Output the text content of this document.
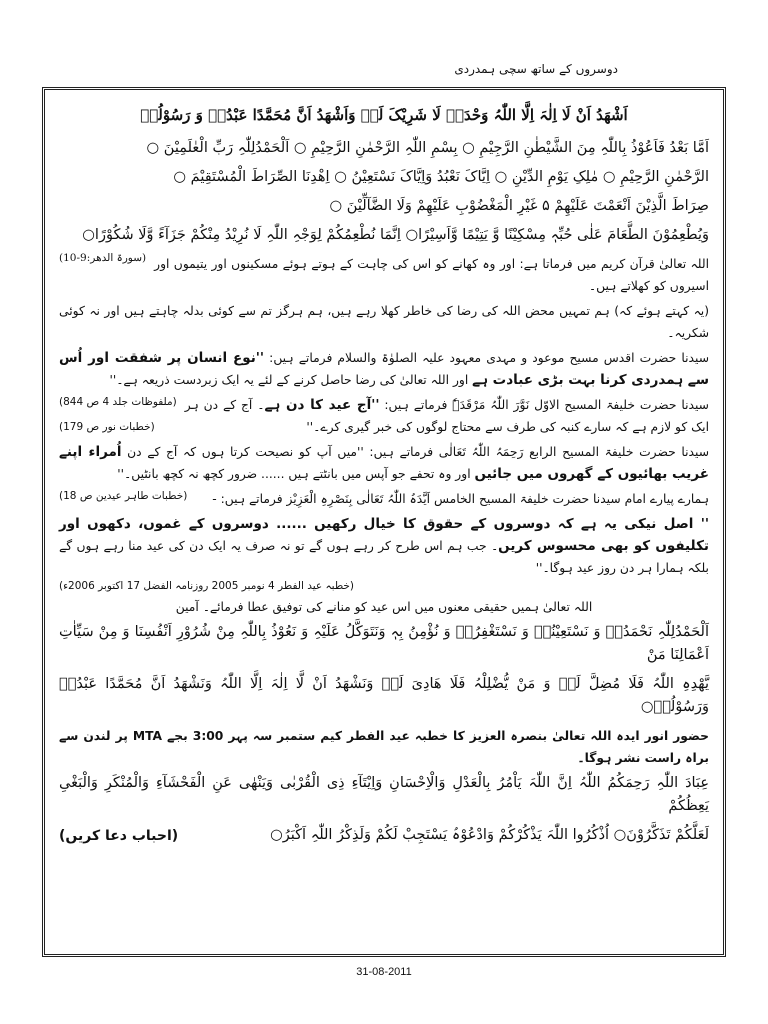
دوسروں کے ساتھ سچی ہمدردی

اَشْھَدُ اَنْ لَا اِلٰہَ اِلَّا اللّٰہُ وَحْدَہٗ لَا شَرِیْکَ لَہٗ وَاَشْھَدُ اَنَّ مُحَمَّدًا عَبْدُہٗ وَ رَسُوْلُہٗ

اَمَّا بَعْدُ فَاَعُوْذُ بِاللّٰہِ مِنَ الشَّیْطٰنِ الرَّجِیْمِ ○ بِسْمِ اللّٰہِ الرَّحْمٰنِ الرَّحِیْمِ ○ اَلْحَمْدُلِلّٰہِ رَبِّ الْعٰلَمِیْنَ ○

الرَّحْمٰنِ الرَّحِیْمِ ○ مٰلِکِ یَوْمِ الدِّیْنِ ○ اِیَّاکَ نَعْبُدُ وَاِیَّاکَ نَسْتَعِیْنُ ○ اِھْدِنَا الصِّرَاطَ الْمُسْتَقِیْمَ ○

صِرَاطَ الَّذِیْنَ اَنْعَمْتَ عَلَیْھِمْ ۵ غَیْرِ الْمَغْضُوْبِ عَلَیْھِمْ وَلَا الضَّآلِّیْنَ ○

وَیُطْعِمُوْنَ الطَّعَامَ عَلٰی حُبِّہٖ مِسْکِیْنًا وَّ یَتِیْمًا وَّاَسِیْرًا○ اِنَّمَا نُطْعِمُکُمْ لِوَجْہِ اللّٰہِ لَا نُرِیْدُ مِنْکُمْ جَزَآءً وَّلَا شُکُوْرًا○
(سورۃ الدھر:9-10) اللہ تعالیٰ قرآن کریم میں فرماتا ہے: اور وہ کھانے کو اس کی چاہت کے ہوتے ہوئے مسکینوں اور یتیموں اور اسیروں کو کھلاتے ہیں۔

(یہ کہتے ہوئے کہ) ہم تمہیں محض اللہ کی رضا کی خاطر کھلا رہے ہیں، ہم ہرگز تم سے کوئی بدلہ چاہتے ہیں اور نہ کوئی شکریہ۔

سیدنا حضرت اقدس مسیح موعود و مہدی معہود علیہ الصلوٰۃ والسلام فرماتے ہیں: ''نوع انسان پر شفقت اور اُس سے ہمدردی کرنا بہت بڑی عبادت ہے اور اللہ تعالیٰ کی رضا حاصل کرنے کے لئے یہ ایک زبردست ذریعہ ہے۔''
(ملفوظات جلد 4 ص 844)	سیدنا حضرت خلیفۃ المسیح الاوّل نَوَّرَ اللّٰہُ مَرْقَدَہٗ فرماتے ہیں: ''آج عید کا دن ہے۔ آج کے دن ہر ایک کو لازم ہے کہ سارے کنبہ کی طرف سے محتاج لوگوں کی خبر گیری کرے۔''
(خطبات نور ص 179)

سیدنا حضرت خلیفۃ المسیح الرابع رَحِمَہُ اللّٰہُ تَعَالٰی فرماتے ہیں: ''میں آپ کو نصیحت کرتا ہوں کہ آج کے دن اُمراء اپنے غریب بھائیوں کے گھروں میں جائیں اور وہ تحفے جو آپس میں بانٹتے ہیں ...... ضرور کچھ نہ کچھ بانٹیں۔''
(خطبات طاہر عیدین ص 18)	ہمارے پیارے امام سیدنا حضرت خلیفۃ المسیح الخامس اَیَّدَہُ اللّٰہُ تَعَالٰی بِنَصْرِہِ الْعَزِیْز فرماتے ہیں: -

'' اصل نیکی یہ ہے کہ دوسروں کے حقوق کا خیال رکھیں ...... دوسروں کے غموں، دکھوں اور تکلیفوں کو بھی محسوس کریں۔ جب ہم اس طرح کر رہے ہوں گے تو نہ صرف یہ ایک دن کی عید منا رہے ہوں گے بلکہ ہمارا ہر دن روز عید ہوگا۔''

(خطبہ عید الفطر 4 نومبر 2005 روزنامہ الفضل 17 اکتوبر 2006ء)

اللہ تعالیٰ ہمیں حقیقی معنوں میں اس عید کو منانے کی توفیق عطا فرمائے۔ آمین

اَلْحَمْدُلِلّٰہِ نَحْمَدُہٗ وَ نَسْتَعِیْنُہٗ وَ نَسْتَغْفِرُہٗ وَ نُؤْمِنُ بِہٖ وَنَتَوَکَّلُ عَلَیْہِ وَ نَعُوْذُ بِاللّٰہِ مِنْ شُرُوْرِ اَنْفُسِنَا وَ مِنْ سَیِّاٰتِ اَعْمَالِنَا مَنْ

یَّھْدِہِ اللّٰہُ فَلَا مُضِلَّ لَہٗ وَ مَنْ یُّضْلِلْہُ فَلَا ھَادِیَ لَہٗ وَنَشْھَدُ اَنْ لَّا اِلٰہَ اِلَّا اللّٰہُ وَنَشْھَدُ اَنَّ مُحَمَّدًا عَبْدُہٗ وَرَسُوْلُہٗ○

حضور انور ایدہ اللہ تعالیٰ بنصرہ العزیز کا خطبہ عید الفطر کیم ستمبر سہ پہر 3:00 بجے MTA پر لندن سے براہ راست نشر ہوگا۔

عِبَادَ اللّٰہِ رَحِمَکُمُ اللّٰہُ اِنَّ اللّٰہَ یَاْمُرُ بِالْعَدْلِ وَالْاِحْسَانِ وَاِیْتَآءِ ذِی الْقُرْبٰی وَیَنْھٰی عَنِ الْفَحْشَآءِ وَالْمُنْکَرِ وَالْبَغْیِ یَعِظُکُمْ

لَعَلَّکُمْ تَذَکَّرُوْنَ○ اُذْکُرُوا اللّٰہَ یَذْکُرْکُمْ وَادْعُوْہُ یَسْتَجِبْ لَکُمْ وَلَذِکْرُ اللّٰہِ اَکْبَرُ○

(احباب دعا کریں)
31-08-2011
